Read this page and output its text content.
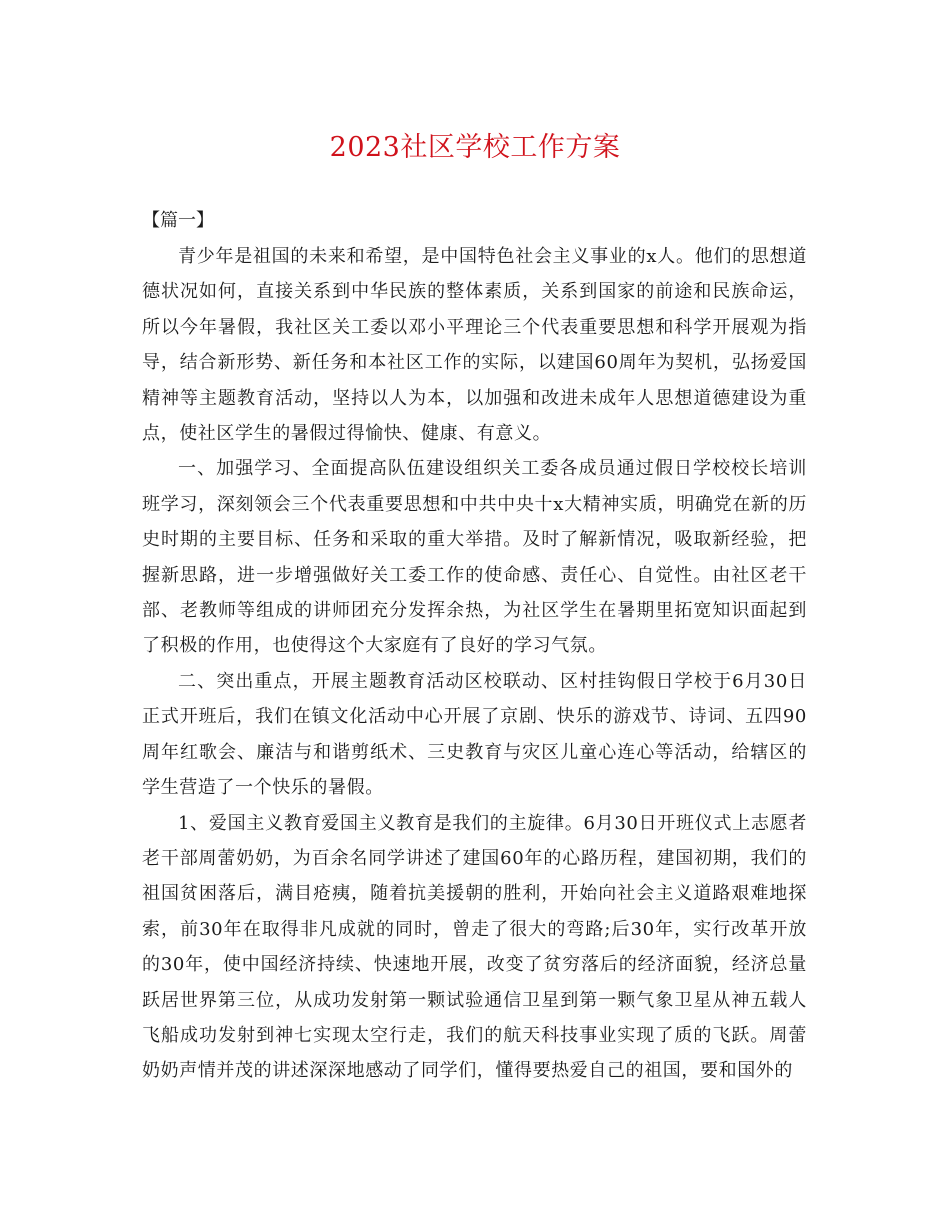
2023社区学校工作方案

【篇一】

青少年是祖国的未来和希望，是中国特色社会主义事业的x人。他们的思想道德状况如何，直接关系到中华民族的整体素质，关系到国家的前途和民族命运，所以今年暑假，我社区关工委以邓小平理论三个代表重要思想和科学开展观为指导，结合新形势、新任务和本社区工作的实际，以建国60周年为契机，弘扬爱国精神等主题教育活动，坚持以人为本，以加强和改进未成年人思想道德建设为重点，使社区学生的暑假过得愉快、健康、有意义。

一、加强学习、全面提高队伍建设组织关工委各成员通过假日学校校长培训班学习，深刻领会三个代表重要思想和中共中央十x大精神实质，明确党在新的历史时期的主要目标、任务和采取的重大举措。及时了解新情况，吸取新经验，把握新思路，进一步增强做好关工委工作的使命感、责任心、自觉性。由社区老干部、老教师等组成的讲师团充分发挥余热，为社区学生在暑期里拓宽知识面起到了积极的作用，也使得这个大家庭有了良好的学习气氛。

二、突出重点，开展主题教育活动区校联动、区村挂钩假日学校于6月30日正式开班后，我们在镇文化活动中心开展了京剧、快乐的游戏节、诗词、五四90周年红歌会、廉洁与和谐剪纸术、三史教育与灾区儿童心连心等活动，给辖区的学生营造了一个快乐的暑假。

1、爱国主义教育爱国主义教育是我们的主旋律。6月30日开班仪式上志愿者老干部周蕾奶奶，为百余名同学讲述了建国60年的心路历程，建国初期，我们的祖国贫困落后，满目疮痍，随着抗美援朝的胜利，开始向社会主义道路艰难地探索，前30年在取得非凡成就的同时，曾走了很大的弯路;后30年，实行改革开放的30年，使中国经济持续、快速地开展，改变了贫穷落后的经济面貌，经济总量跃居世界第三位，从成功发射第一颗试验通信卫星到第一颗气象卫星从神五载人飞船成功发射到神七实现太空行走，我们的航天科技事业实现了质的飞跃。周蕾奶奶声情并茂的讲述深深地感动了同学们，懂得要热爱自己的祖国，要和国外的
